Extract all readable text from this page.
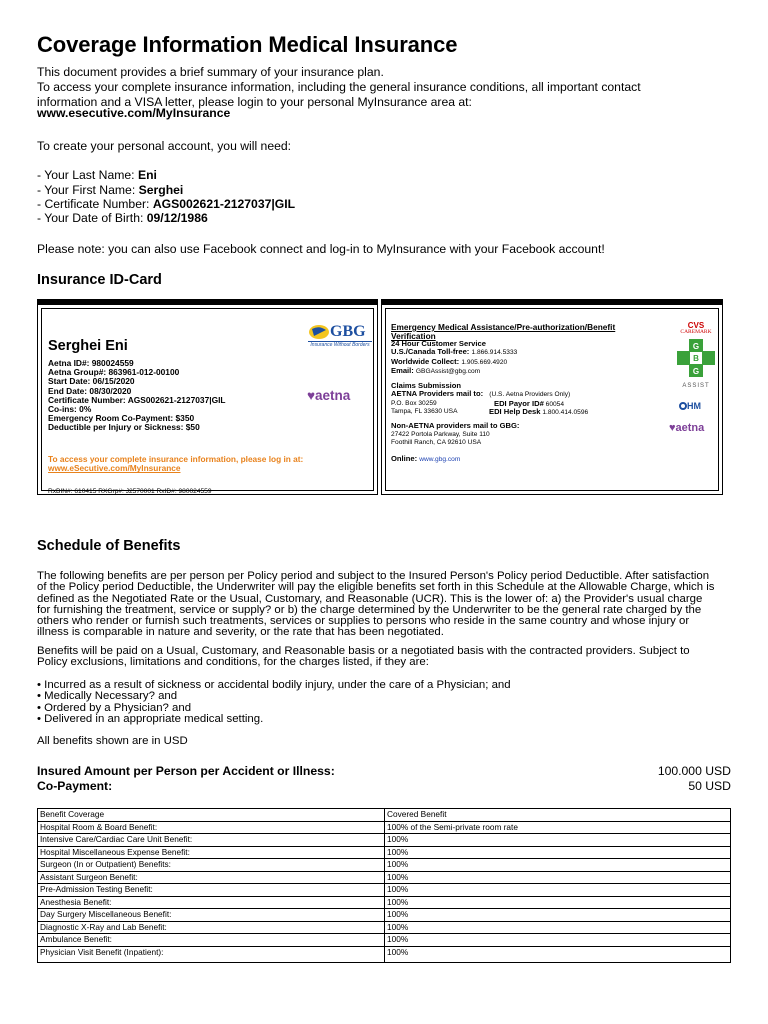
Coverage Information Medical Insurance

This document provides a brief summary of your insurance plan.

To access your complete insurance information, including the general insurance conditions, all important contact

information and a VISA letter, please login to your personal MyInsurance area at:

www.esecutive.com/MyInsurance

To create your personal account, you will need:

- Your Last Name: Eni

- Your First Name: Serghei

- Certificate Number: AGS002621-2127037|GIL

- Your Date of Birth: 09/12/1986

Please note: you can also use Facebook connect and log-in to MyInsurance with your Facebook account!

Insurance ID-Card
Serghei Eni
Aetna ID#: 980024559
Aetna Group#: 863961-012-00100
Start Date: 06/15/2020
End Date: 08/30/2020
Certificate Number: AGS002621-2127037|GIL
Co-ins: 0%
Emergency Room Co-Payment: $350
Deductible per Injury or Sickness: $50
GBG
Insurance Without Borders
♥aetna
To access your complete insurance information, please log in at:
www.eSecutive.com/MyInsurance
RxBIN#: 610415 RXGrp#: J2570001 RxID#: 980024559
Emergency Medical Assistance/Pre-authorization/Benefit Verification
24 Hour Customer Service
U.S./Canada Toll-free: 1.866.914.5333
Worldwide Collect: 1.905.669.4920
Email: GBGAssist@gbg.com
Claims Submission
AETNA Providers mail to: (U.S. Aetna Providers Only)
P.O. Box 30259	EDI Payor ID# 60054
Tampa, FL 33630 USA	EDI Help Desk 1.800.414.0596
Non-AETNA providers mail to GBG:
27422 Portola Parkway, Suite 110
Foothill Ranch, CA 92610 USA
Online: www.gbg.com
CVS
CAREMARK
G
B
G
ASSIST
HM
♥aetna
Schedule of Benefits
The following benefits are per person per Policy period and subject to the Insured Person's Policy period Deductible. After satisfaction
of the Policy period Deductible, the Underwriter will pay the eligible benefits set forth in this Schedule at the Allowable Charge, which is
defined as the Negotiated Rate or the Usual, Customary, and Reasonable (UCR). This is the lower of: a) the Provider's usual charge
for furnishing the treatment, service or supply? or b) the charge determined by the Underwriter to be the general rate charged by the
others who render or furnish such treatments, services or supplies to persons who reside in the same country and whose injury or
illness is comparable in nature and severity, or the rate that has been negotiated.
Benefits will be paid on a Usual, Customary, and Reasonable basis or a negotiated basis with the contracted providers. Subject to
Policy exclusions, limitations and conditions, for the charges listed, if they are:
• Incurred as a result of sickness or accidental bodily injury, under the care of a Physician; and
• Medically Necessary? and
• Ordered by a Physician? and
• Delivered in an appropriate medical setting.

All benefits shown are in USD

Insured Amount per Person per Accident or Illness:	100.000 USD

Co-Payment:	50 USD

Benefit Coverage	Covered Benefit
Hospital Room & Board Benefit:	100% of the Semi-private room rate
Intensive Care/Cardiac Care Unit Benefit:	100%
Hospital Miscellaneous Expense Benefit:	100%
Surgeon (In or Outpatient) Benefits:	100%
Assistant Surgeon Benefit:	100%
Pre-Admission Testing Benefit:	100%
Anesthesia Benefit:	100%
Day Surgery Miscellaneous Benefit:	100%
Diagnostic X-Ray and Lab Benefit:	100%
Ambulance Benefit:	100%
Physician Visit Benefit (Inpatient):	100%
